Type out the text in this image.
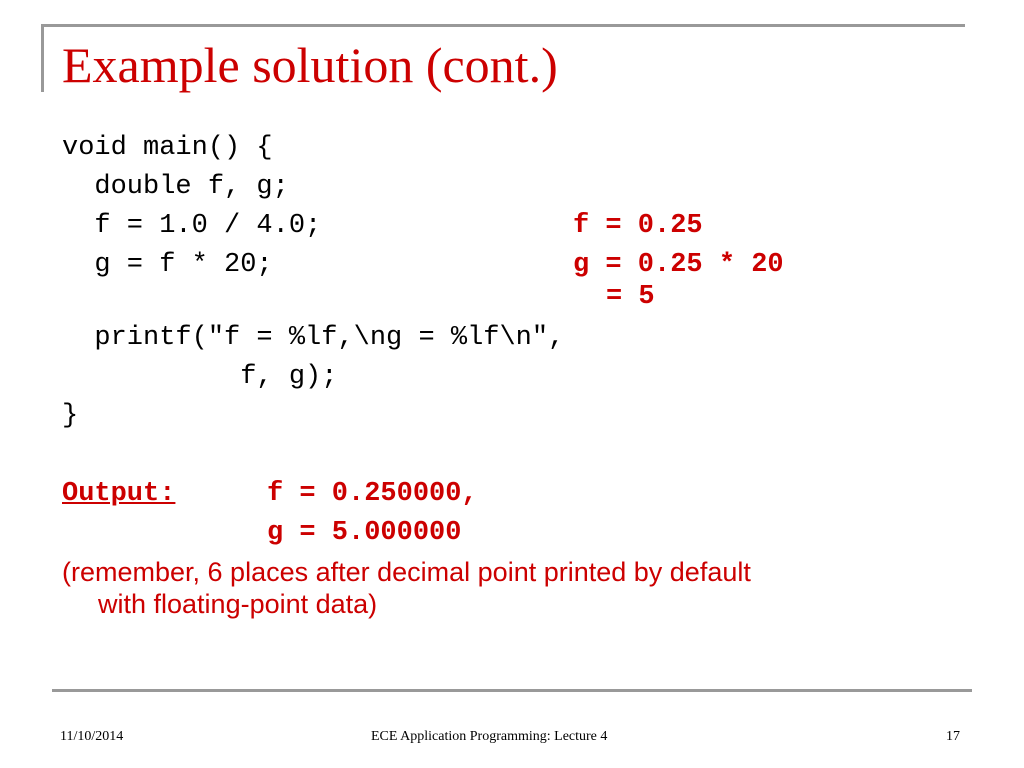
Example solution (cont.)
void main() {
double f, g;
f = 1.0 / 4.0;
g = f * 20;
printf("f = %lf,\ng = %lf\n",
f, g);
}
f = 0.25
g = 0.25 * 20
= 5
Output:	f = 0.250000,
g = 5.000000
(remember, 6 places after decimal point printed by default
with floating-point data)
11/10/2014	ECE Application Programming: Lecture 4	17
